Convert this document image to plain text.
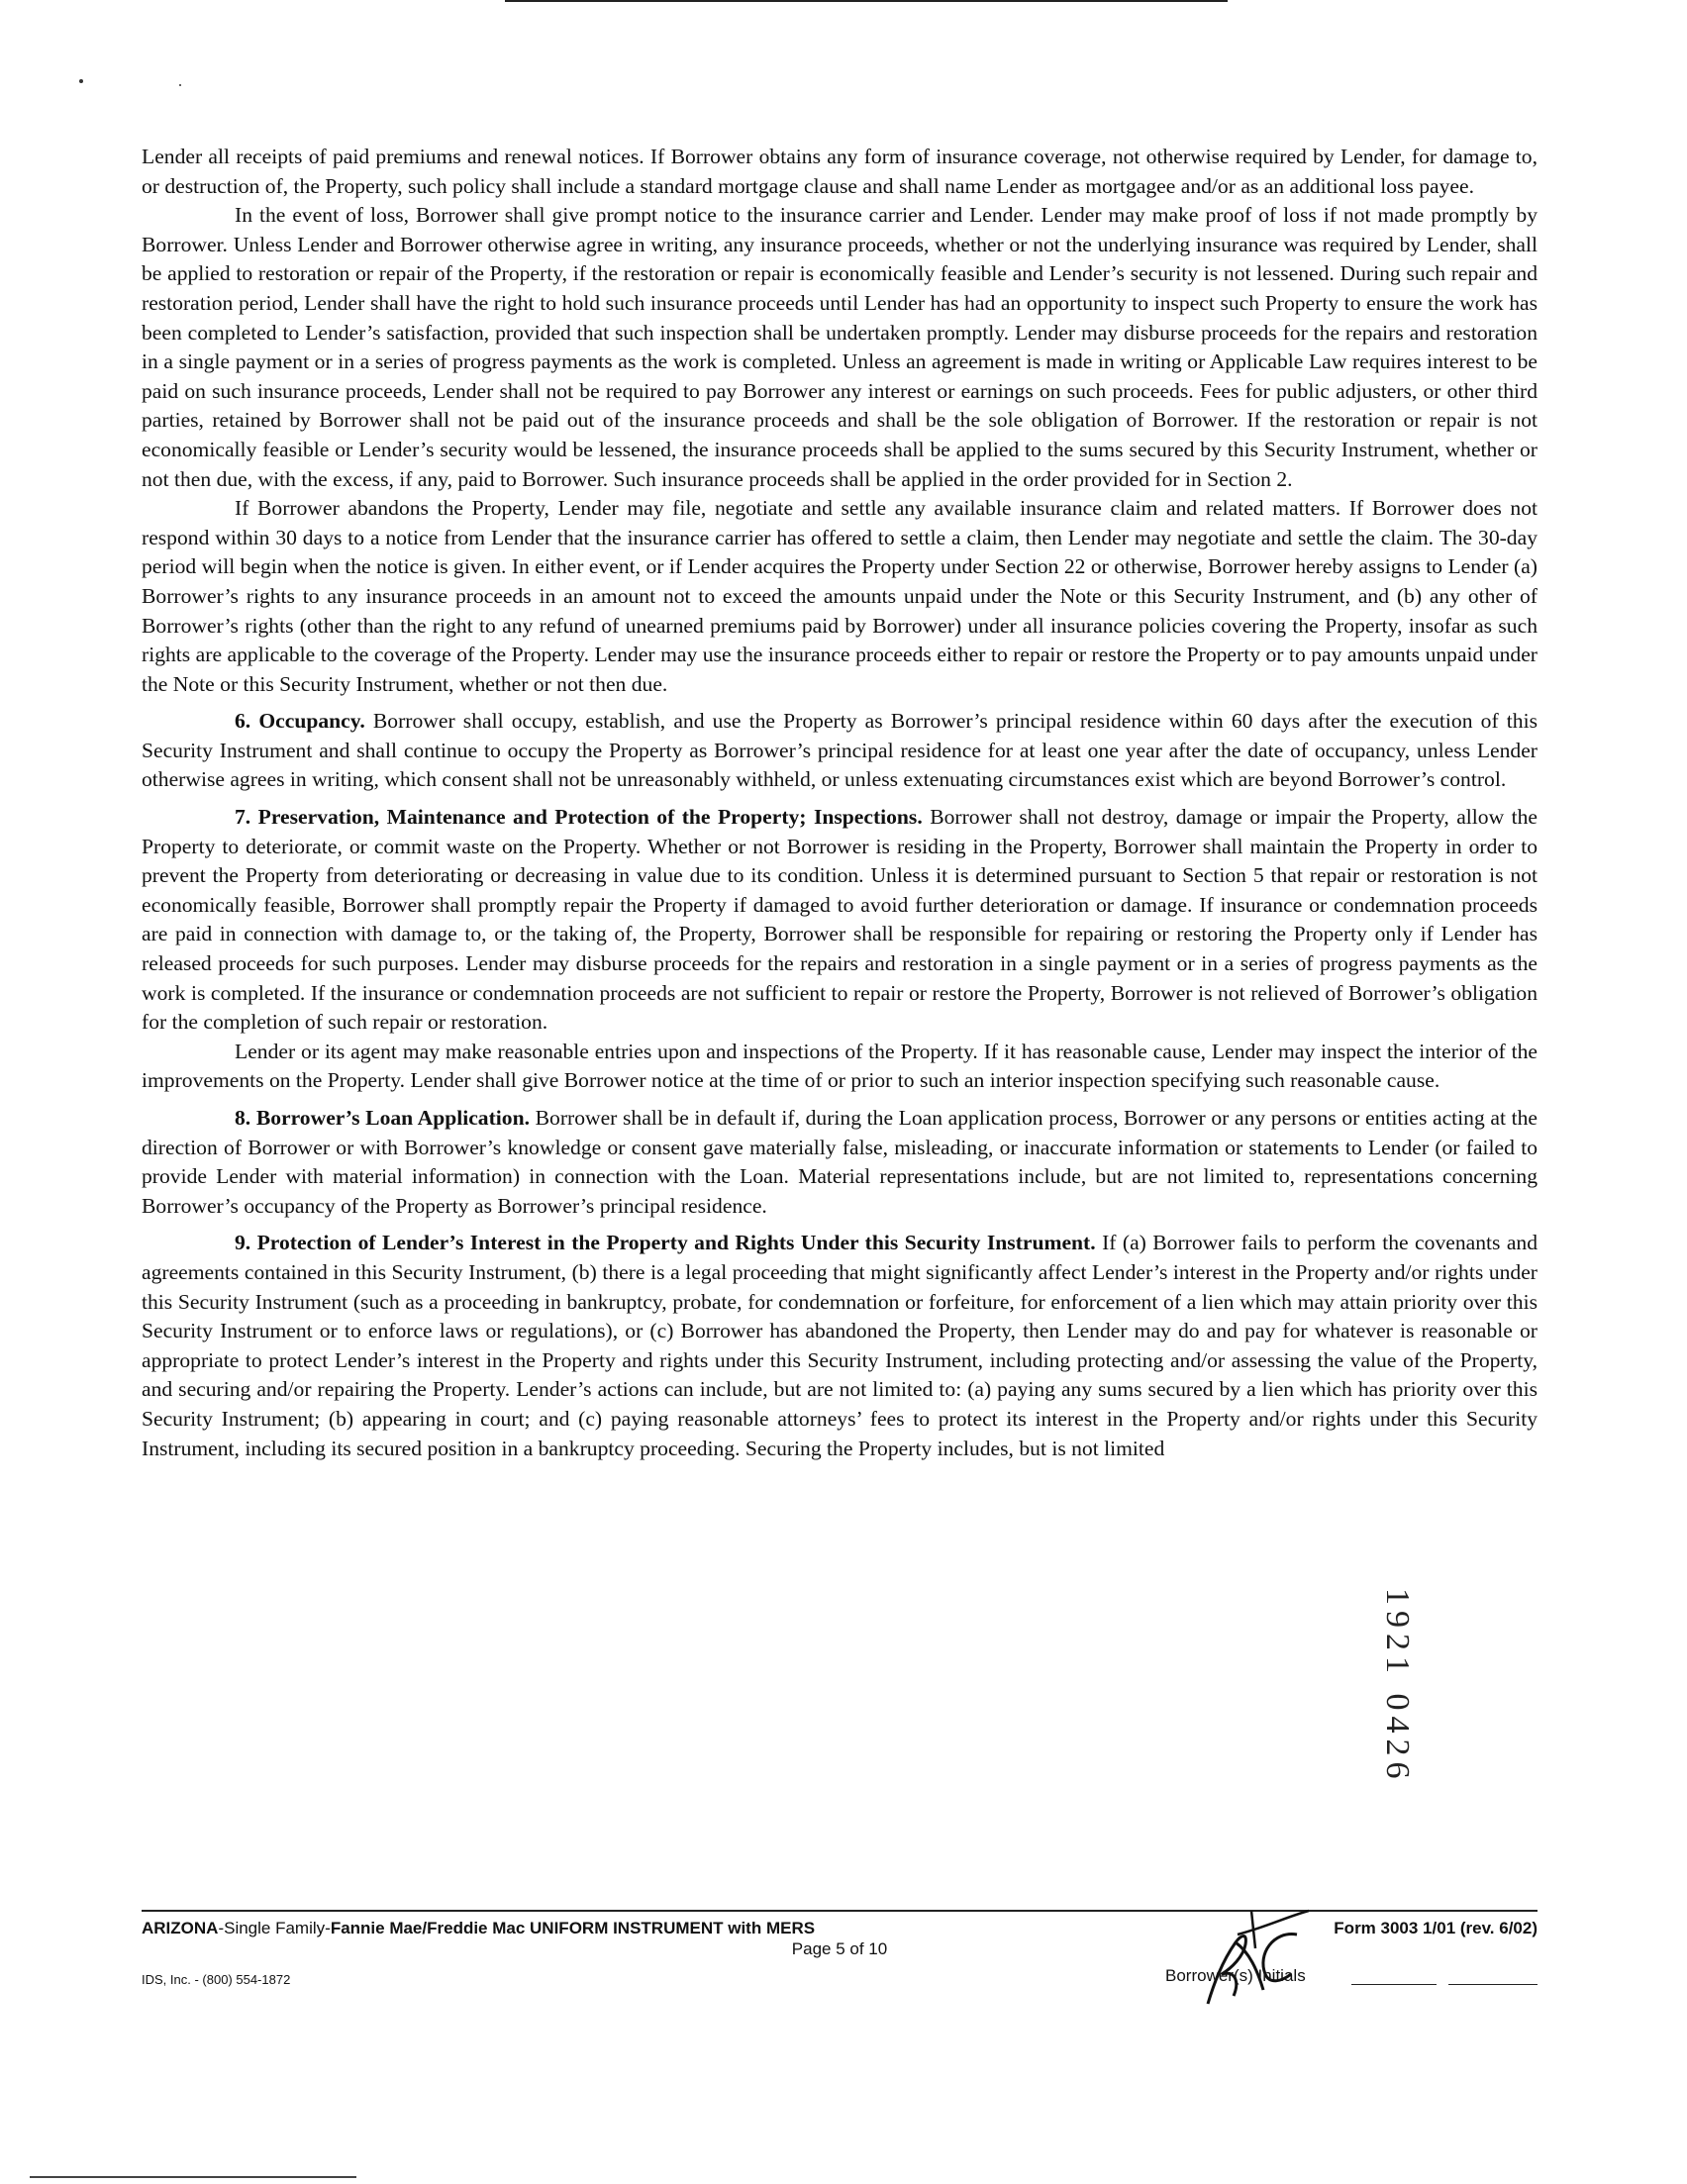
Lender all receipts of paid premiums and renewal notices. If Borrower obtains any form of insurance coverage, not otherwise required by Lender, for damage to, or destruction of, the Property, such policy shall include a standard mortgage clause and shall name Lender as mortgagee and/or as an additional loss payee.

In the event of loss, Borrower shall give prompt notice to the insurance carrier and Lender. Lender may make proof of loss if not made promptly by Borrower. Unless Lender and Borrower otherwise agree in writing, any insurance proceeds, whether or not the underlying insurance was required by Lender, shall be applied to restoration or repair of the Property, if the restoration or repair is economically feasible and Lender’s security is not lessened. During such repair and restoration period, Lender shall have the right to hold such insurance proceeds until Lender has had an opportunity to inspect such Property to ensure the work has been completed to Lender’s satisfaction, provided that such inspection shall be undertaken promptly. Lender may disburse proceeds for the repairs and restoration in a single payment or in a series of progress payments as the work is completed. Unless an agreement is made in writing or Applicable Law requires interest to be paid on such insurance proceeds, Lender shall not be required to pay Borrower any interest or earnings on such proceeds. Fees for public adjusters, or other third parties, retained by Borrower shall not be paid out of the insurance proceeds and shall be the sole obligation of Borrower. If the restoration or repair is not economically feasible or Lender’s security would be lessened, the insurance proceeds shall be applied to the sums secured by this Security Instrument, whether or not then due, with the excess, if any, paid to Borrower. Such insurance proceeds shall be applied in the order provided for in Section 2.

If Borrower abandons the Property, Lender may file, negotiate and settle any available insurance claim and related matters. If Borrower does not respond within 30 days to a notice from Lender that the insurance carrier has offered to settle a claim, then Lender may negotiate and settle the claim. The 30-day period will begin when the notice is given. In either event, or if Lender acquires the Property under Section 22 or otherwise, Borrower hereby assigns to Lender (a) Borrower’s rights to any insurance proceeds in an amount not to exceed the amounts unpaid under the Note or this Security Instrument, and (b) any other of Borrower’s rights (other than the right to any refund of unearned premiums paid by Borrower) under all insurance policies covering the Property, insofar as such rights are applicable to the coverage of the Property. Lender may use the insurance proceeds either to repair or restore the Property or to pay amounts unpaid under the Note or this Security Instrument, whether or not then due.

6. Occupancy. Borrower shall occupy, establish, and use the Property as Borrower’s principal residence within 60 days after the execution of this Security Instrument and shall continue to occupy the Property as Borrower’s principal residence for at least one year after the date of occupancy, unless Lender otherwise agrees in writing, which consent shall not be unreasonably withheld, or unless extenuating circumstances exist which are beyond Borrower’s control.

7. Preservation, Maintenance and Protection of the Property; Inspections. Borrower shall not destroy, damage or impair the Property, allow the Property to deteriorate, or commit waste on the Property. Whether or not Borrower is residing in the Property, Borrower shall maintain the Property in order to prevent the Property from deteriorating or decreasing in value due to its condition. Unless it is determined pursuant to Section 5 that repair or restoration is not economically feasible, Borrower shall promptly repair the Property if damaged to avoid further deterioration or damage. If insurance or condemnation proceeds are paid in connection with damage to, or the taking of, the Property, Borrower shall be responsible for repairing or restoring the Property only if Lender has released proceeds for such purposes. Lender may disburse proceeds for the repairs and restoration in a single payment or in a series of progress payments as the work is completed. If the insurance or condemnation proceeds are not sufficient to repair or restore the Property, Borrower is not relieved of Borrower’s obligation for the completion of such repair or restoration.

Lender or its agent may make reasonable entries upon and inspections of the Property. If it has reasonable cause, Lender may inspect the interior of the improvements on the Property. Lender shall give Borrower notice at the time of or prior to such an interior inspection specifying such reasonable cause.

8. Borrower’s Loan Application. Borrower shall be in default if, during the Loan application process, Borrower or any persons or entities acting at the direction of Borrower or with Borrower’s knowledge or consent gave materially false, misleading, or inaccurate information or statements to Lender (or failed to provide Lender with material information) in connection with the Loan. Material representations include, but are not limited to, representations concerning Borrower’s occupancy of the Property as Borrower’s principal residence.

9. Protection of Lender’s Interest in the Property and Rights Under this Security Instrument. If (a) Borrower fails to perform the covenants and agreements contained in this Security Instrument, (b) there is a legal proceeding that might significantly affect Lender’s interest in the Property and/or rights under this Security Instrument (such as a proceeding in bankruptcy, probate, for condemnation or forfeiture, for enforcement of a lien which may attain priority over this Security Instrument or to enforce laws or regulations), or (c) Borrower has abandoned the Property, then Lender may do and pay for whatever is reasonable or appropriate to protect Lender’s interest in the Property and rights under this Security Instrument, including protecting and/or assessing the value of the Property, and securing and/or repairing the Property. Lender’s actions can include, but are not limited to: (a) paying any sums secured by a lien which has priority over this Security Instrument; (b) appearing in court; and (c) paying reasonable attorneys’ fees to protect its interest in the Property and/or rights under this Security Instrument, including its secured position in a bankruptcy proceeding. Securing the Property includes, but is not limited

1921 0426
ARIZONA-Single Family-Fannie Mae/Freddie Mac UNIFORM INSTRUMENT with MERS
Page 5 of 10
IDS, Inc. - (800) 554-1872
Form 3003 1/01 (rev. 6/02)
Borrower(s) Initials
